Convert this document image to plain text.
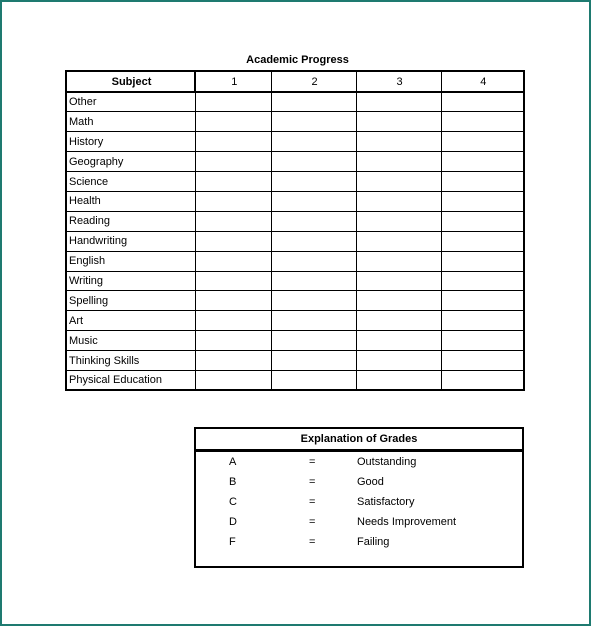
Academic Progress
Subject	1	2	3	4
Other				
Math				
History				
Geography				
Science				
Health				
Reading				
Handwriting				
English				
Writing				
Spelling				
Art				
Music				
Thinking Skills				
Physical Education				
Explanation of Grades
A	=	Outstanding
B	=	Good
C	=	Satisfactory
D	=	Needs Improvement
F	=	Failing
